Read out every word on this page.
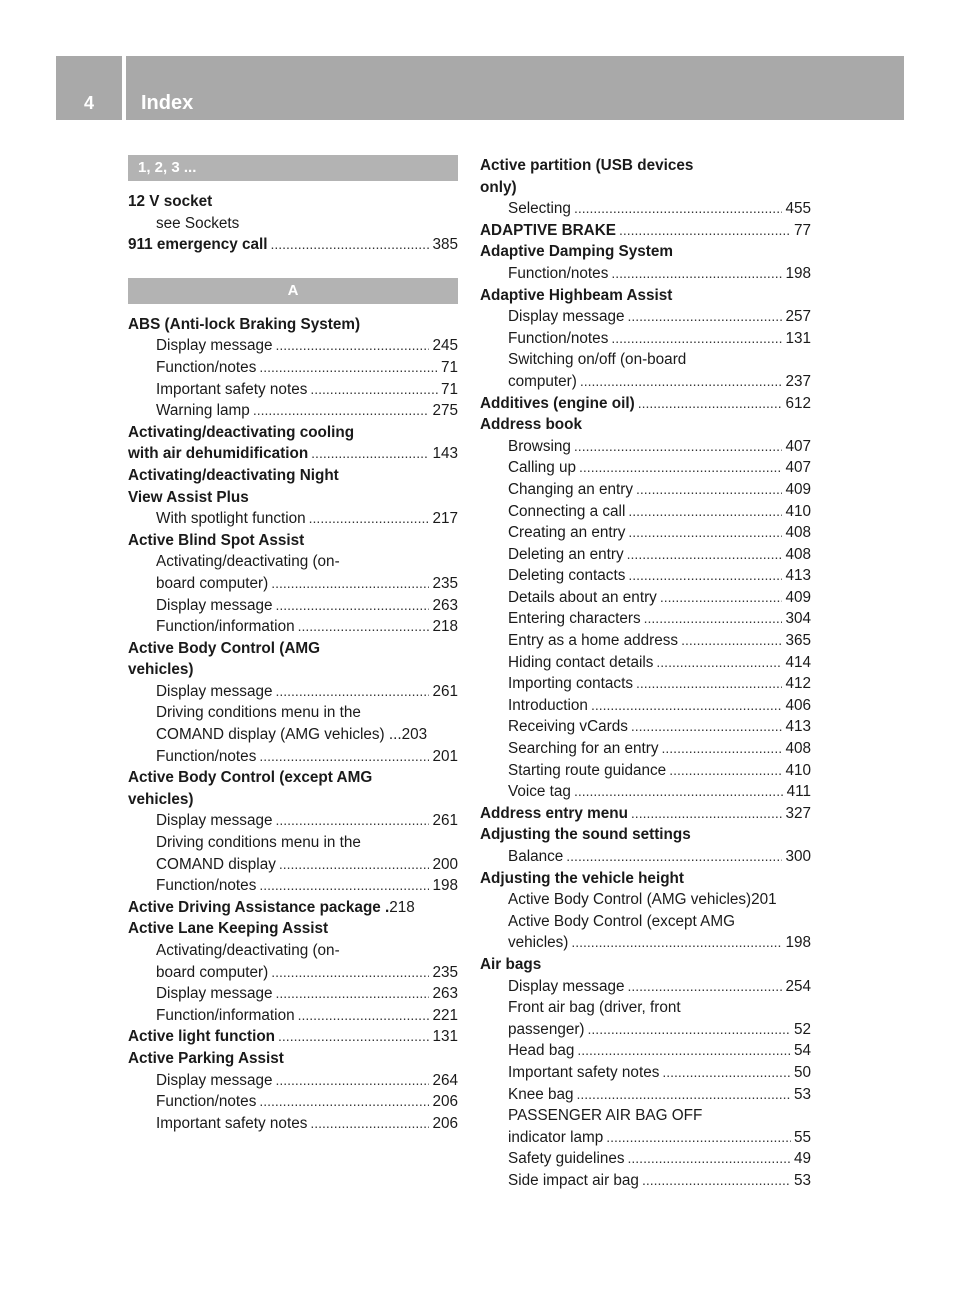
4	Index
1, 2, 3 ...
12 V socket
see Sockets
911 emergency call .....	385
A
ABS (Anti-lock Braking System)
Display message .....	245
Function/notes .....	71
Important safety notes .....	71
Warning lamp .....	275
Activating/deactivating cooling
with air dehumidification .....	143
Activating/deactivating Night
View Assist Plus
With spotlight function .....	217
Active Blind Spot Assist
Activating/deactivating (on-
board computer) .....	235
Display message .....	263
Function/information .....	218
Active Body Control (AMG
vehicles)
Display message .....	261
Driving conditions menu in the
COMAND display (AMG vehicles) ... 203
Function/notes .....	201
Active Body Control (except AMG
vehicles)
Display message .....	261
Driving conditions menu in the
COMAND display .....	200
Function/notes .....	198
Active Driving Assistance package . 218
Active Lane Keeping Assist
Activating/deactivating (on-
board computer) .....	235
Display message .....	263
Function/information .....	221
Active light function .....	131
Active Parking Assist
Display message .....	264
Function/notes .....	206
Important safety notes .....	206
Active partition (USB devices
only)
Selecting .....	455
ADAPTIVE BRAKE .....	77
Adaptive Damping System
Function/notes .....	198
Adaptive Highbeam Assist
Display message .....	257
Function/notes .....	131
Switching on/off (on-board
computer) .....	237
Additives (engine oil) .....	612
Address book
Browsing .....	407
Calling up .....	407
Changing an entry .....	409
Connecting a call .....	410
Creating an entry .....	408
Deleting an entry .....	408
Deleting contacts .....	413
Details about an entry .....	409
Entering characters .....	304
Entry as a home address .....	365
Hiding contact details .....	414
Importing contacts .....	412
Introduction .....	406
Receiving vCards .....	413
Searching for an entry .....	408
Starting route guidance .....	410
Voice tag .....	411
Address entry menu .....	327
Adjusting the sound settings
Balance .....	300
Adjusting the vehicle height
Active Body Control (AMG vehicles) 201
Active Body Control (except AMG
vehicles) .....	198
Air bags
Display message .....	254
Front air bag (driver, front
passenger) .....	52
Head bag .....	54
Important safety notes .....	50
Knee bag .....	53
PASSENGER AIR BAG OFF
indicator lamp .....	55
Safety guidelines .....	49
Side impact air bag .....	53
